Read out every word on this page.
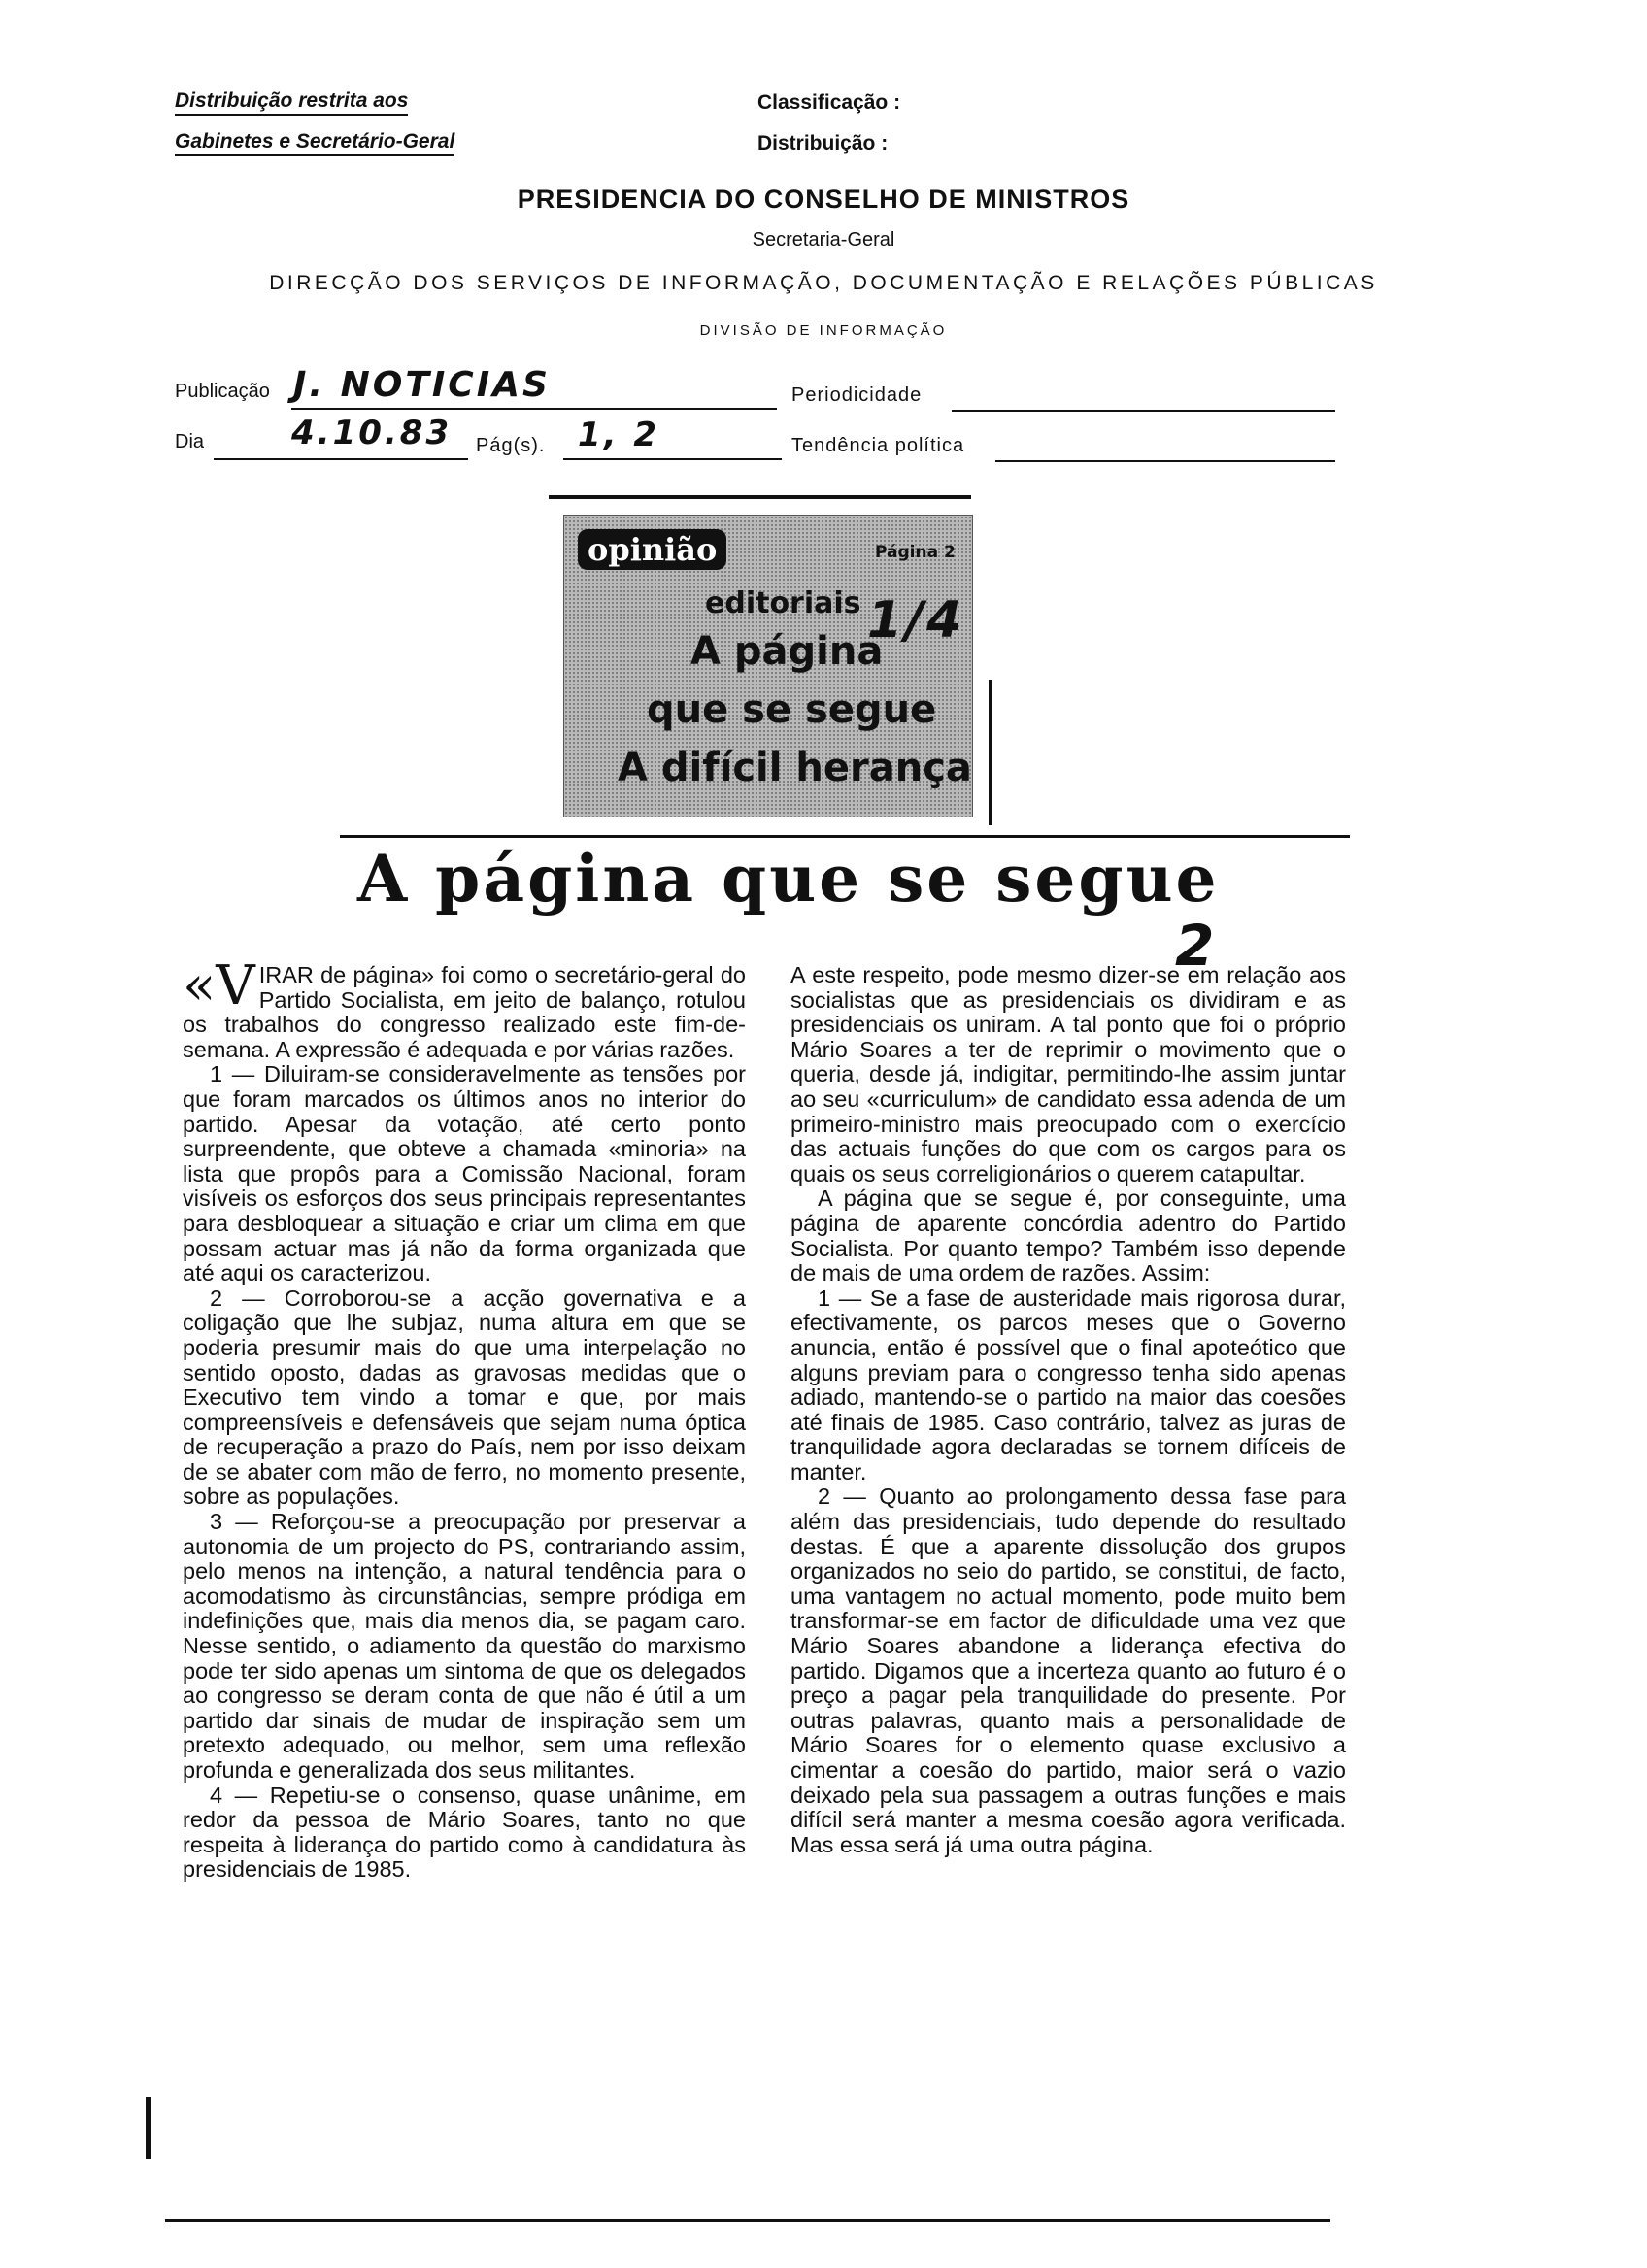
Distribuição restrita aos
Gabinetes e Secretário-Geral
Classificação :
Distribuição :
PRESIDENCIA DO CONSELHO DE MINISTROS
Secretaria-Geral
DIRECÇÃO DOS SERVIÇOS DE INFORMAÇÃO, DOCUMENTAÇÃO E RELAÇÕES PÚBLICAS
DIVISÃO DE INFORMAÇÃO
Publicação J. NOTICIAS	Periodicidade
Dia	4.10.83 Pág(s). 1, 2	Tendência política
opinião	Página 2
editoriais
A página
que se segue
A difícil herança
1/4
A página que se segue
2

«VIRAR de página» foi como o secretário-geral do Partido Socialista, em jeito de balanço, rotulou os trabalhos do congresso realizado este fim-de-semana. A expressão é adequada e por várias razões.

1 — Diluiram-se consideravelmente as tensões por que foram marcados os últimos anos no interior do partido. Apesar da votação, até certo ponto surpreendente, que obteve a chamada «minoria» na lista que propôs para a Comissão Nacional, foram visíveis os esforços dos seus principais representantes para desbloquear a situação e criar um clima em que possam actuar mas já não da forma organizada que até aqui os caracterizou.

2 — Corroborou-se a acção governativa e a coligação que lhe subjaz, numa altura em que se poderia presumir mais do que uma interpelação no sentido oposto, dadas as gravosas medidas que o Executivo tem vindo a tomar e que, por mais compreensíveis e defensáveis que sejam numa óptica de recuperação a prazo do País, nem por isso deixam de se abater com mão de ferro, no momento presente, sobre as populações.

3 — Reforçou-se a preocupação por preservar a autonomia de um projecto do PS, contrariando assim, pelo menos na intenção, a natural tendência para o acomodatismo às circunstâncias, sempre pródiga em indefinições que, mais dia menos dia, se pagam caro. Nesse sentido, o adiamento da questão do marxismo pode ter sido apenas um sintoma de que os delegados ao congresso se deram conta de que não é útil a um partido dar sinais de mudar de inspiração sem um pretexto adequado, ou melhor, sem uma reflexão profunda e generalizada dos seus militantes.

4 — Repetiu-se o consenso, quase unânime, em redor da pessoa de Mário Soares, tanto no que respeita à liderança do partido como à candidatura às presidenciais de 1985.

A este respeito, pode mesmo dizer-se em relação aos socialistas que as presidenciais os dividiram e as presidenciais os uniram. A tal ponto que foi o próprio Mário Soares a ter de reprimir o movimento que o queria, desde já, indigitar, permitindo-lhe assim juntar ao seu «curriculum» de candidato essa adenda de um primeiro-ministro mais preocupado com o exercício das actuais funções do que com os cargos para os quais os seus correligionários o querem catapultar.

A página que se segue é, por conseguinte, uma página de aparente concórdia adentro do Partido Socialista. Por quanto tempo? Também isso depende de mais de uma ordem de razões. Assim:

1 — Se a fase de austeridade mais rigorosa durar, efectivamente, os parcos meses que o Governo anuncia, então é possível que o final apoteótico que alguns previam para o congresso tenha sido apenas adiado, mantendo-se o partido na maior das coesões até finais de 1985. Caso contrário, talvez as juras de tranquilidade agora declaradas se tornem difíceis de manter.

2 — Quanto ao prolongamento dessa fase para além das presidenciais, tudo depende do resultado destas. É que a aparente dissolução dos grupos organizados no seio do partido, se constitui, de facto, uma vantagem no actual momento, pode muito bem transformar-se em factor de dificuldade uma vez que Mário Soares abandone a liderança efectiva do partido. Digamos que a incerteza quanto ao futuro é o preço a pagar pela tranquilidade do presente. Por outras palavras, quanto mais a personalidade de Mário Soares for o elemento quase exclusivo a cimentar a coesão do partido, maior será o vazio deixado pela sua passagem a outras funções e mais difícil será manter a mesma coesão agora verificada. Mas essa será já uma outra página.
